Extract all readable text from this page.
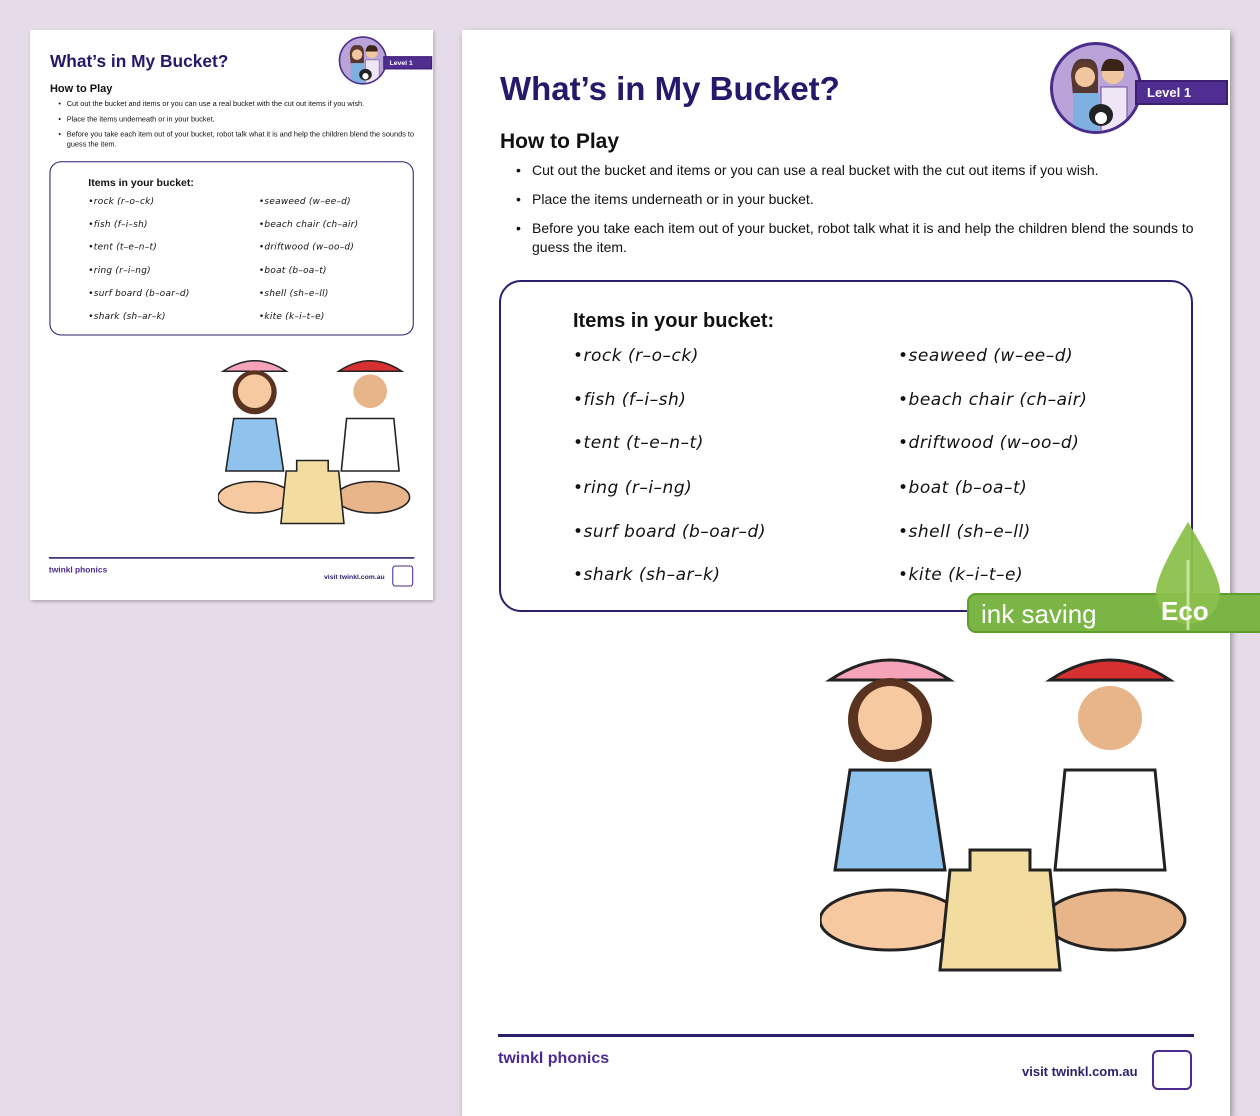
What’s in My Bucket?	Level 1
How to Play
• Cut out the bucket and items or you can use a real bucket with the cut out items if you wish.
• Place the items underneath or in your bucket.
• Before you take each item out of your bucket, robot talk what it is and help the children blend the sounds to guess the item.
Items in your bucket:
•rock (r–o–ck)
•fish (f–i–sh)
•tent (t–e–n–t)
•ring (r–i–ng)
•surf board (b–oar–d)
•shark (sh–ar–k)
•seaweed (w–ee–d)
•beach chair (ch–air)
•driftwood (w–oo–d)
•boat (b–oa–t)
•shell (sh–e–ll)
•kite (k–i–t–e)
twinkl phonics
visit twinkl.com.au
What’s in My Bucket?	Level 1
How to Play
• Cut out the bucket and items or you can use a real bucket with the cut out items if you wish.
• Place the items underneath or in your bucket.
• Before you take each item out of your bucket, robot talk what it is and help the children blend the sounds to guess the item.
Items in your bucket:
•rock (r–o–ck)
•fish (f–i–sh)
•tent (t–e–n–t)
•ring (r–i–ng)
•surf board (b–oar–d)
•shark (sh–ar–k)
•seaweed (w–ee–d)
•beach chair (ch–air)
•driftwood (w–oo–d)
•boat (b–oa–t)
•shell (sh–e–ll)
•kite (k–i–t–e)
twinkl phonics
visit twinkl.com.au
ink saving Eco
